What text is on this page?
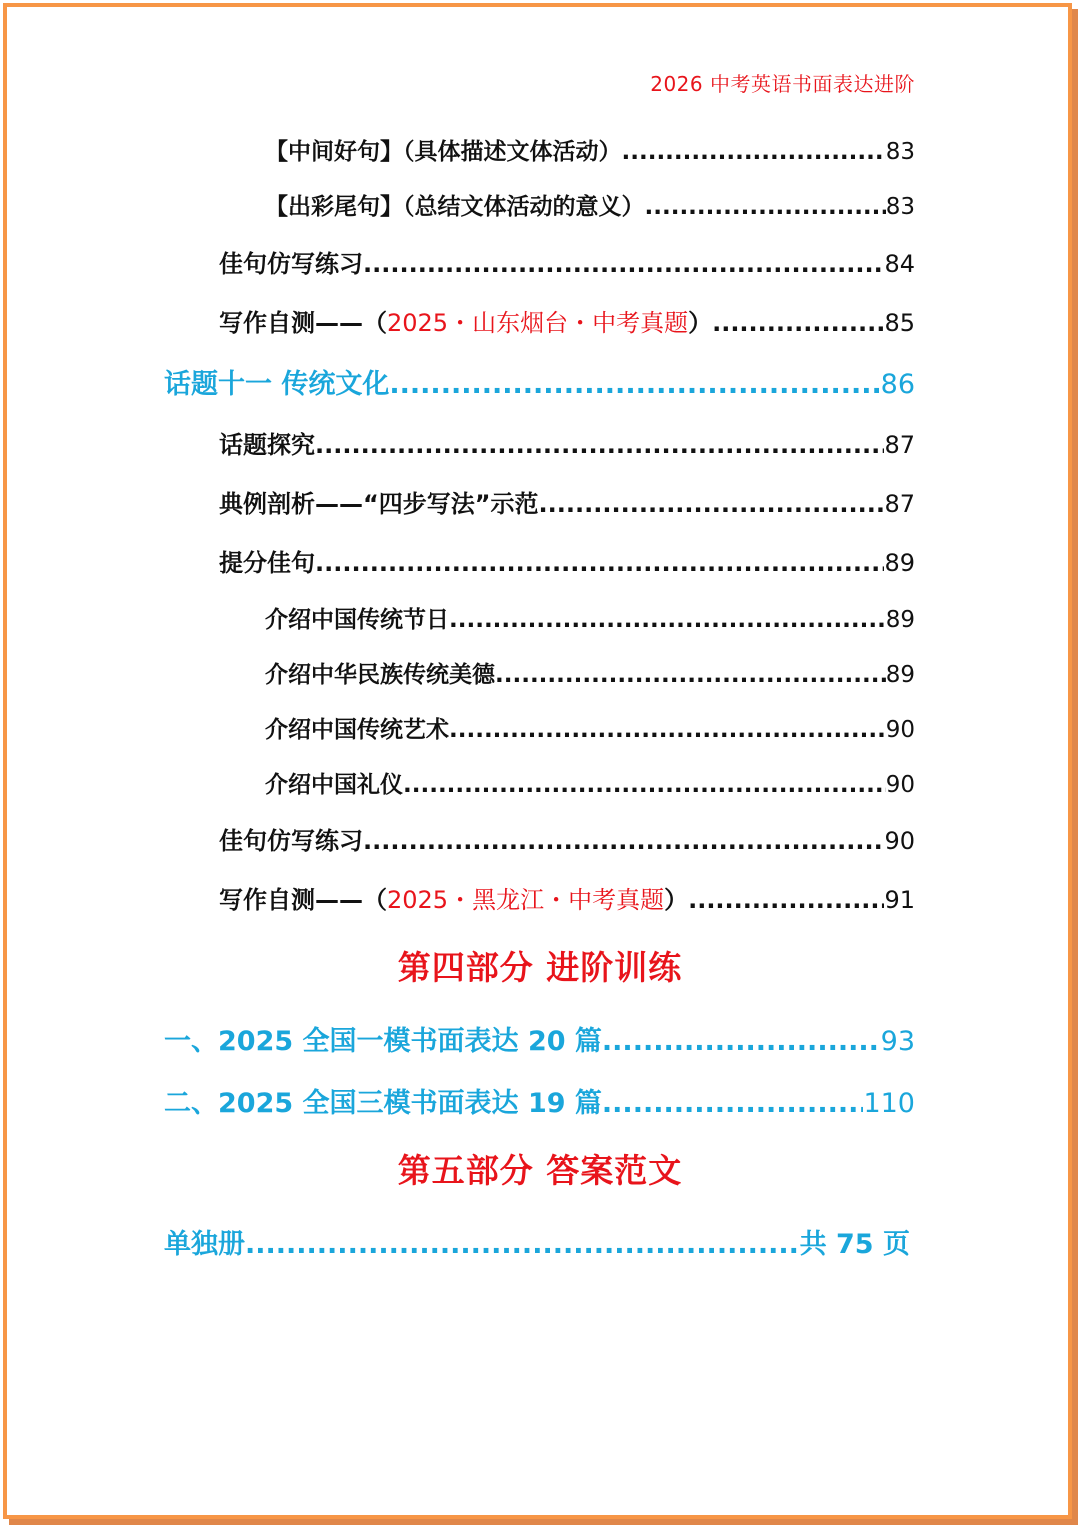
2026 中考英语书面表达进阶
【中间好句】（具体描述文体活动） .....	83
【出彩尾句】（总结文体活动的意义） .....	83
佳句仿写练习 .....	84
写作自测——（2025・山东烟台・中考真题） .....	85
话题十一 传统文化 .....	86
话题探究 .....	87
典例剖析——“四步写法”示范 .....	87
提分佳句 .....	89
介绍中国传统节日 .....	89
介绍中华民族传统美德 .....	89
介绍中国传统艺术 .....	90
介绍中国礼仪 .....	90
佳句仿写练习 .....	90
写作自测——（2025・黑龙江・中考真题） .....	91
第四部分 进阶训练
一、2025 全国一模书面表达 20 篇 .....	93
二、2025 全国三模书面表达 19 篇 .....	110
第五部分 答案范文
单独册 .....	共 75 页
